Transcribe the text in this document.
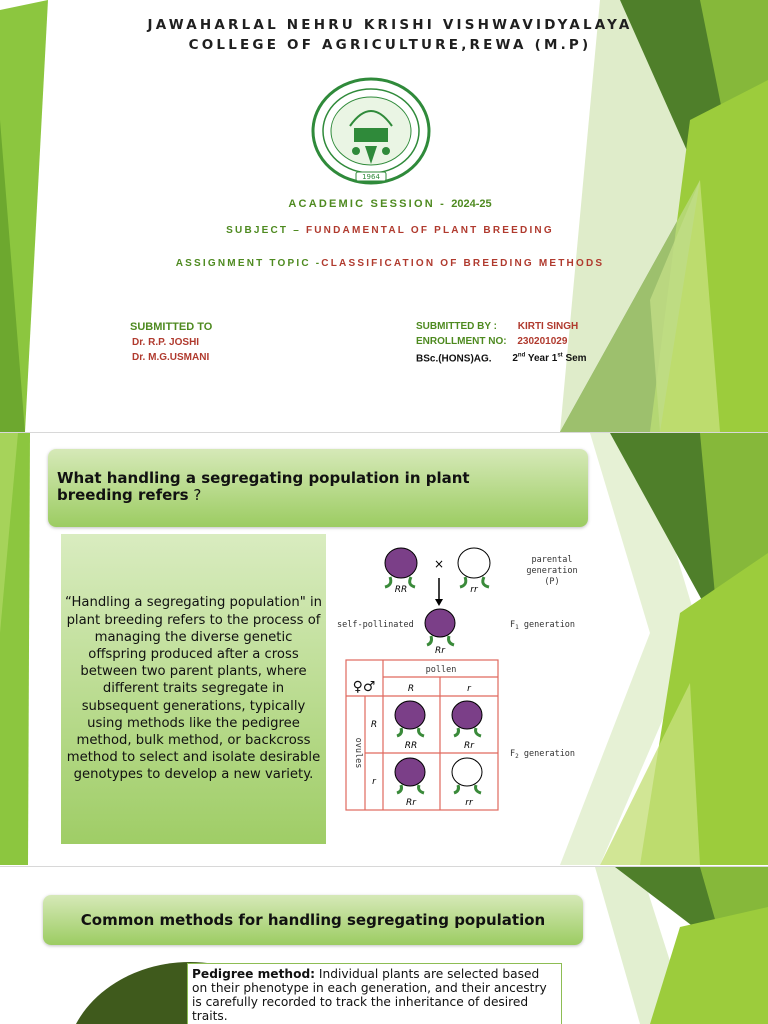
JAWAHARLAL NEHRU KRISHI VISHWAVIDYALAYA
COLLEGE OF AGRICULTURE,REWA (M.P)
1964
ACADEMIC SESSION - 2024-25
SUBJECT – FUNDAMENTAL OF PLANT BREEDING
ASSIGNMENT TOPIC -CLASSIFICATION OF BREEDING METHODS
SUBMITTED TO
Dr. R.P. JOSHI
Dr. M.G.USMANI
SUBMITTED BY : KIRTI SINGH
ENROLLMENT NO: 230201029
BSc.(HONS)AG. 2nd Year 1st Sem
What handling a segregating population in plant breeding refers ?

“Handling a segregating population" in plant breeding refers to the process of managing the diverse genetic offspring produced after a cross between two parent plants, where different traits segregate in subsequent generations, typically using methods like the pedigree method, bulk method, or backcross method to select and isolate desirable genotypes to develop a new variety.

RR
×
rr
parental
generation
(P)
self-pollinated
Rr
$F_1$ generation
pollen
♀♂	R	r
ovules
R
r
RR	Rr
Rr	rr
$F_2$ generation
Common methods for handling segregating population

Pedigree method: Individual plants are selected based on their phenotype in each generation, and their ancestry is carefully recorded to track the inheritance of desired traits.
